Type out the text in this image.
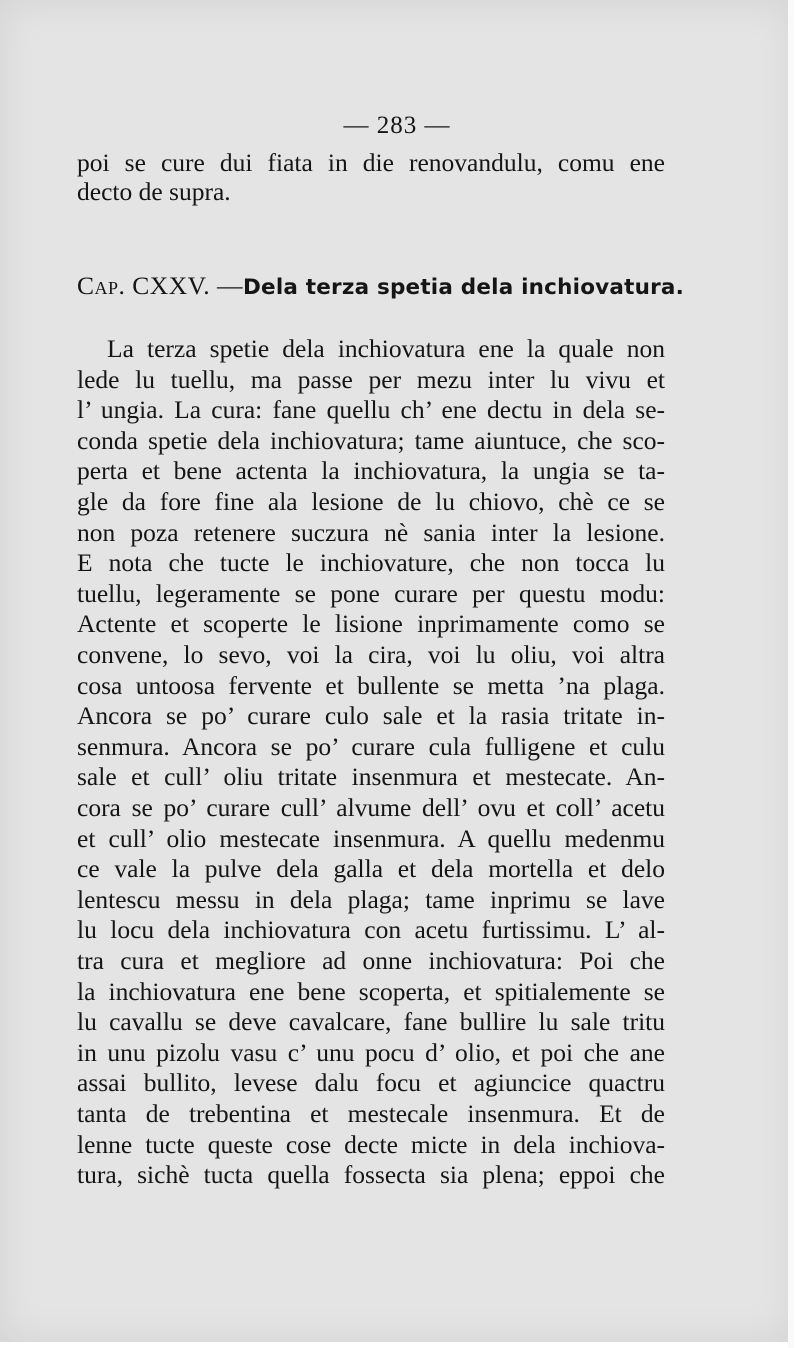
— 283 —
poi se cure dui fiata in die renovandulu, comu ene
decto de supra.
Cap. CXXV. — Dela terza spetia dela inchiovatura.
La terza spetie dela inchiovatura ene la quale non
lede lu tuellu, ma passe per mezu inter lu vivu et
l’ ungia. La cura: fane quellu ch’ ene dectu in dela se-
conda spetie dela inchiovatura; tame aiuntuce, che sco-
perta et bene actenta la inchiovatura, la ungia se ta-
gle da fore fine ala lesione de lu chiovo, chè ce se
non poza retenere suczura nè sania inter la lesione.
E nota che tucte le inchiovature, che non tocca lu
tuellu, legeramente se pone curare per questu modu:
Actente et scoperte le lisione inprimamente como se
convene, lo sevo, voi la cira, voi lu oliu, voi altra
cosa untoosa fervente et bullente se metta ’na plaga.
Ancora se po’ curare culo sale et la rasia tritate in-
senmura. Ancora se po’ curare cula fulligene et culu
sale et cull’ oliu tritate insenmura et mestecate. An-
cora se po’ curare cull’ alvume dell’ ovu et coll’ acetu
et cull’ olio mestecate insenmura. A quellu medenmu
ce vale la pulve dela galla et dela mortella et delo
lentescu messu in dela plaga; tame inprimu se lave
lu locu dela inchiovatura con acetu furtissimu. L’ al-
tra cura et megliore ad onne inchiovatura: Poi che
la inchiovatura ene bene scoperta, et spitialemente se
lu cavallu se deve cavalcare, fane bullire lu sale tritu
in unu pizolu vasu c’ unu pocu d’ olio, et poi che ane
assai bullito, levese dalu focu et agiuncice quactru
tanta de trebentina et mestecale insenmura. Et de
lenne tucte queste cose decte micte in dela inchiova-
tura, sichè tucta quella fossecta sia plena; eppoi che
